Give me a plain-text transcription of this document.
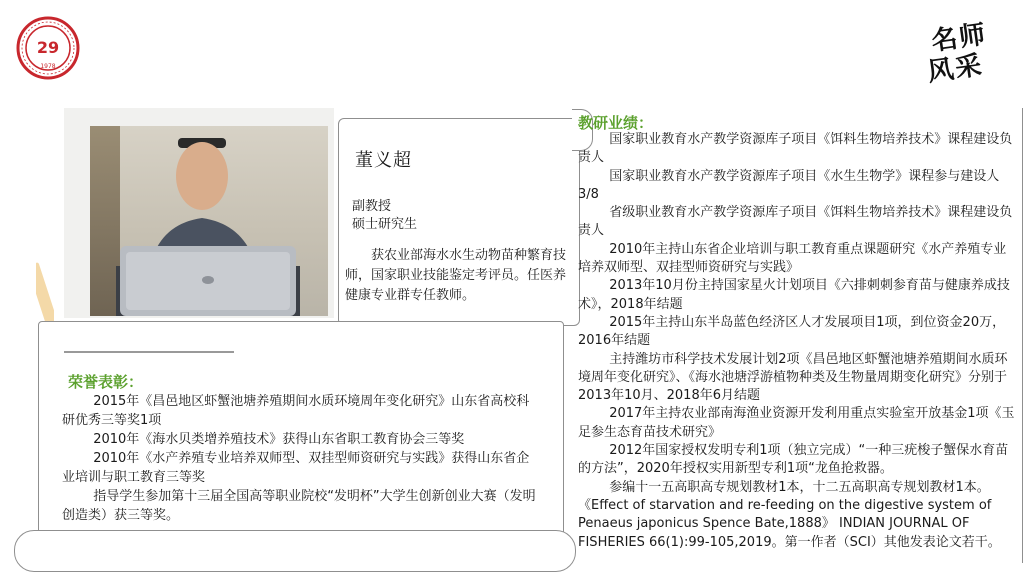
29
1978
名师
风采
董义超
副教授
硕士研究生
获农业部海水水生动物苗种繁育技师，国家职业技能鉴定考评员。任医养健康专业群专任教师。
荣誉表彰：

2015年《昌邑地区虾蟹池塘养殖期间水质环境周年变化研究》山东省高校科研优秀三等奖1项

2010年《海水贝类增养殖技术》获得山东省职工教育协会三等奖

2010年《水产养殖专业培养双师型、双挂型师资研究与实践》获得山东省企业培训与职工教育三等奖

指导学生参加第十三届全国高等职业院校“发明杯”大学生创新创业大赛（发明创造类）获三等奖。

教研业绩：

国家职业教育水产教学资源库子项目《饵料生物培养技术》课程建设负责人

国家职业教育水产教学资源库子项目《水生生物学》课程参与建设人3/8

省级职业教育水产教学资源库子项目《饵料生物培养技术》课程建设负责人

2010年主持山东省企业培训与职工教育重点课题研究《水产养殖专业培养双师型、双挂型师资研究与实践》

2013年10月份主持国家星火计划项目《六排刺刺参育苗与健康养成技术》，2018年结题

2015年主持山东半岛蓝色经济区人才发展项目1项，到位资金20万，2016年结题

主持潍坊市科学技术发展计划2项《昌邑地区虾蟹池塘养殖期间水质环境周年变化研究》、《海水池塘浮游植物种类及生物量周期变化研究》分别于2013年10月、2018年6月结题

2017年主持农业部南海渔业资源开发利用重点实验室开放基金1项《玉足参生态育苗技术研究》

2012年国家授权发明专利1项（独立完成）“一种三疣梭子蟹保水育苗的方法”，2020年授权实用新型专利1项“龙鱼抢救器。

参编十一五高职高专规划教材1本，十二五高职高专规划教材1本。《Effect of starvation and re-feeding on the digestive system of Penaeus japonicus Spence Bate,1888》 INDIAN JOURNAL OF FISHERIES 66(1):99-105,2019。第一作者（SCI）其他发表论文若干。
